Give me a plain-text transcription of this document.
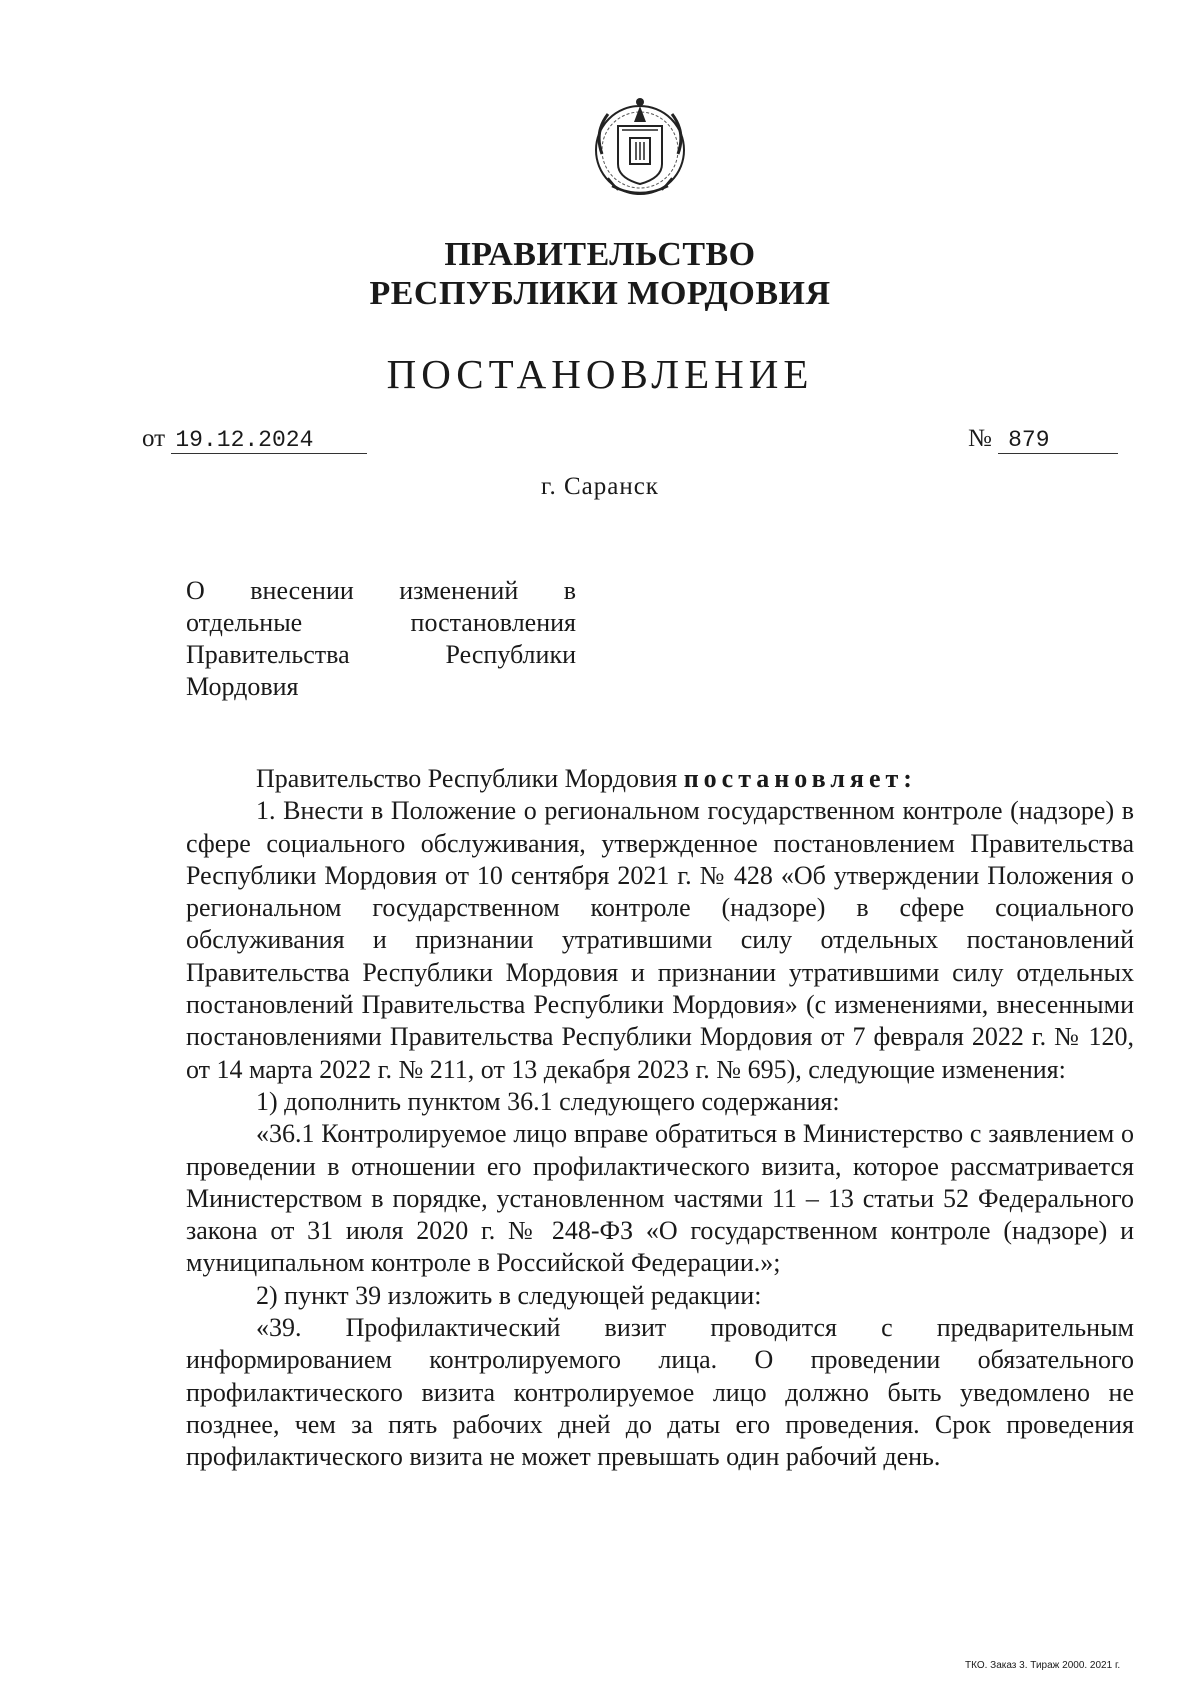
ПРАВИТЕЛЬСТВО
РЕСПУБЛИКИ МОРДОВИЯ
ПОСТАНОВЛЕНИЕ
от 19.12.2024	№ 879
г. Саранск
О внесении изменений в
отдельные постановления
Правительства Республики
Мордовия

Правительство Республики Мордовия постановляет:

1. Внести в Положение о региональном государственном контроле (надзоре) в сфере социального обслуживания, утвержденное постановлением Правительства Республики Мордовия от 10 сентября 2021 г. № 428 «Об утверждении Положения о региональном государственном контроле (надзоре) в сфере социального обслуживания и признании утратившими силу отдельных постановлений Правительства Республики Мордовия и признании утратившими силу отдельных постановлений Правительства Республики Мордовия» (с изменениями, внесенными постановлениями Правительства Республики Мордовия от 7 февраля 2022 г. № 120, от 14 марта 2022 г. № 211, от 13 декабря 2023 г. № 695), следующие изменения:

1) дополнить пунктом 36.1 следующего содержания:

«36.1 Контролируемое лицо вправе обратиться в Министерство с заявлением о проведении в отношении его профилактического визита, которое рассматривается Министерством в порядке, установленном частями 11 – 13 статьи 52 Федерального закона от 31 июля 2020 г. № 248-ФЗ «О государственном контроле (надзоре) и муниципальном контроле в Российской Федерации.»;

2) пункт 39 изложить в следующей редакции:

«39. Профилактический визит проводится с предварительным информированием контролируемого лица. О проведении обязательного профилактического визита контролируемое лицо должно быть уведомлено не позднее, чем за пять рабочих дней до даты его проведения. Срок проведения профилактического визита не может превышать один рабочий день.

ТКО. Заказ 3. Тираж 2000. 2021 г.
